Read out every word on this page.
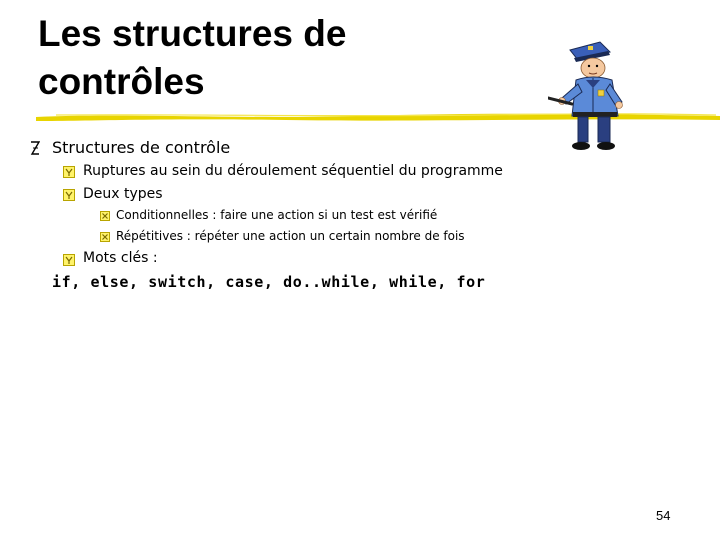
Les structures de
contrôles
Structures de contrôle
Ruptures au sein du déroulement séquentiel du programme
Deux types
Conditionnelles : faire une action si un test est vérifié
Répétitives : répéter une action un certain nombre de fois
Mots clés :
if, else, switch, case, do..while, while, for
54
